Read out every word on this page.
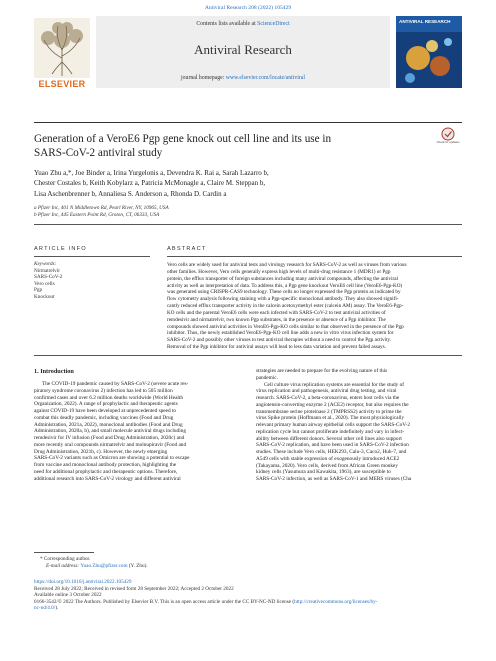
Antiviral Research 208 (2022) 105429
ELSEVIER
Contents lists available at ScienceDirect
Antiviral Research
journal homepage: www.elsevier.com/locate/antiviral
ANTIVIRAL RESEARCH
Check for updates
Generation of a VeroE6 Pgp gene knock out cell line and its use in
SARS-CoV-2 antiviral study
Yuao Zhu a,*, Joe Binder a, Irina Yurgelonis a, Devendra K. Rai a, Sarah Lazarro b,
Chester Costales b, Keith Kobylarz a, Patricia McMonagle a, Claire M. Steppan b,
Lisa Aschenbrenner b, Annaliesa S. Anderson a, Rhonda D. Cardin a
a Pfizer Inc, 401 N Middletown Rd, Pearl River, NY, 10965, USA
b Pfizer Inc, 445 Eastern Point Rd, Groton, CT, 06333, USA
ARTICLE INFO
Keywords:
Nirmatrelvir
SARS-CoV-2
Vero cells
Pgp
Knockout
ABSTRACT
Vero cells are widely used for antiviral tests and virology research for SARS-CoV-2 as well as viruses from various
other families. However, Vero cells generally express high levels of multi-drug resistance 1 (MDR1) or Pgp
protein, the efflux transporter of foreign substances including many antiviral compounds, affecting the antiviral
activity as well as interpretation of data. To address this, a Pgp gene knockout VeroE6 cell line (VeroE6-Pgp-KO)
was generated using CRISPR-CAS9 technology. These cells no longer expressed the Pgp protein as indicated by
flow cytometry analysis following staining with a Pgp-specific monoclonal antibody. They also showed signifi-
cantly reduced efflux transporter activity in the calcein acetoxymethyl ester (calcein AM) assay. The VeroE6-Pgp-
KO cells and the parental VeroE6 cells were each infected with SARS-CoV-2 to test antiviral activities of
remdesivir and nirmatrelvir, two known Pgp substrates, in the presence or absence of a Pgp inhibitor. The
compounds showed antiviral activities in VeroE6-Pgp-KO cells similar to that observed in the presence of the Pgp
inhibitor. Thus, the newly established VeroE6-Pgp-KO cell line adds a new in vitro virus infection system for
SARS-CoV-2 and possibly other viruses to test antiviral therapies without a need to control the Pgp activity.
Removal of the Pgp inhibitor for antiviral assays will lead to less data variation and prevent failed assays.
1. Introduction
The COVID-19 pandemic caused by SARS-CoV-2 (severe acute res-
piratory syndrome coronavirus 2) infection has led to 505 million
confirmed cases and over 6.2 million deaths worldwide (World Health
Organization, 2022). A range of prophylactic and therapeutic agents
against COVID-19 have been developed at unprecedented speed to
combat this deadly pandemic, including vaccines (Food and Drug
Administration, 2021a, 2022), monoclonal antibodies (Food and Drug
Administration, 2020a, b), and small molecule antiviral drugs including
remdesivir for IV infusion (Food and Drug Administration, 2020c) and
more recently oral compounds nirmatrelvir and molnupiravir (Food and
Drug Administration, 2021b, c). However, the newly emerging
SARS-CoV-2 variants such as Omicron are showing a potential to escape
from vaccine and monoclonal antibody protection, highlighting the
need for additional prophylactic and therapeutic options. Therefore,
additional research into SARS-CoV-2 virology and different antiviral
strategies are needed to prepare for the evolving nature of this
pandemic.
Cell culture virus replication systems are essential for the study of
virus replication and pathogenesis, antiviral drug testing, and viral
research. SARS-CoV-2, a beta-coronavirus, enters host cells via the
angiotensin-converting enzyme 2 (ACE2) receptor, but also requires the
transmembrane serine proteinase 2 (TMPRSS2) activity to prime the
virus Spike protein (Hoffmann et al., 2020). The most physiologically
relevant primary human airway epithelial cells support the SARS-CoV-2
replication cycle but cannot proliferate indefinitely and vary in infect-
ability between different donors. Several other cell lines also support
SARS-CoV-2 replication, and have been used in SARS-CoV-2 infection
studies. These include Vero cells, HEK293, Calu-3, Caco2, Huh-7, and
A549 cells with stable expression of exogenously introduced ACE2
(Takayama, 2020). Vero cells, derived from African Green monkey
kidney cells (Yasumura and Kawakita, 1963), are susceptible to
SARS-CoV-2 infection, as well as SARS-CoV-1 and MERS viruses (Cha
* Corresponding author.
E-mail address: Yuao.Zhu@pfizer.com (Y. Zhu).
https://doi.org/10.1016/j.antiviral.2022.105429
Received 28 July 2022; Received in revised form 28 September 2022; Accepted 2 October 2022
Available online 3 October 2022
0166-3542/© 2022 The Authors. Published by Elsevier B.V. This is an open access article under the CC BY-NC-ND license (http://creativecommons.org/licenses/by-
nc-nd/4.0/).
